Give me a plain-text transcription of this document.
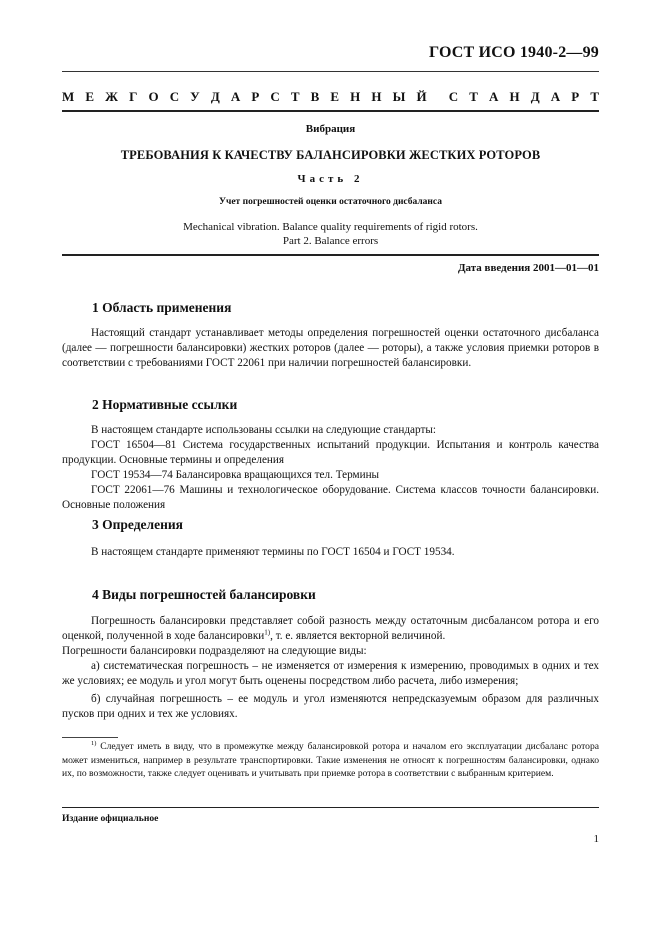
ГОСТ ИСО 1940-2—99
М Е Ж Г О С У Д А Р С Т В Е Н Н Ы Й С Т А Н Д А Р Т
Вибрация
ТРЕБОВАНИЯ К КАЧЕСТВУ БАЛАНСИРОВКИ ЖЕСТКИХ РОТОРОВ
Часть 2
Учет погрешностей оценки остаточного дисбаланса
Mechanical vibration. Balance quality requirements of rigid rotors.
Part 2. Balance errors
Дата введения 2001—01—01
1 Область применения

Настоящий стандарт устанавливает методы определения погрешностей оценки остаточного дисбаланса (далее — погрешности балансировки) жестких роторов (далее — роторы), а также условия приемки роторов в соответствии с требованиями ГОСТ 22061 при наличии погрешностей балансировки.

2 Нормативные ссылки

В настоящем стандарте использованы ссылки на следующие стандарты:

ГОСТ 16504—81 Система государственных испытаний продукции. Испытания и контроль качества продукции. Основные термины и определения

ГОСТ 19534—74 Балансировка вращающихся тел. Термины

ГОСТ 22061—76 Машины и технологическое оборудование. Система классов точности балансировки. Основные положения

3 Определения

В настоящем стандарте применяют термины по ГОСТ 16504 и ГОСТ 19534.

4 Виды погрешностей балансировки

Погрешность балансировки представляет собой разность между остаточным дисбалансом ротора и его оценкой, полученной в ходе балансировки$^{1)}$, т. е. является векторной величиной.

Погрешности балансировки подразделяют на следующие виды:

а) систематическая погрешность – не изменяется от измерения к измерению, проводимых в одних и тех же условиях; ее модуль и угол могут быть оценены посредством либо расчета, либо измерения;

б) случайная погрешность – ее модуль и угол изменяются непредсказуемым образом для различных пусков при одних и тех же условиях.

$^{1)}$ Следует иметь в виду, что в промежутке между балансировкой ротора и началом его эксплуатации дисбаланс ротора может измениться, например в результате транспортировки. Такие изменения не относят к погрешностям балансировки, однако их, по возможности, также следует оценивать и учитывать при приемке ротора в соответствии с выбранным критерием.

Издание официальное
1
